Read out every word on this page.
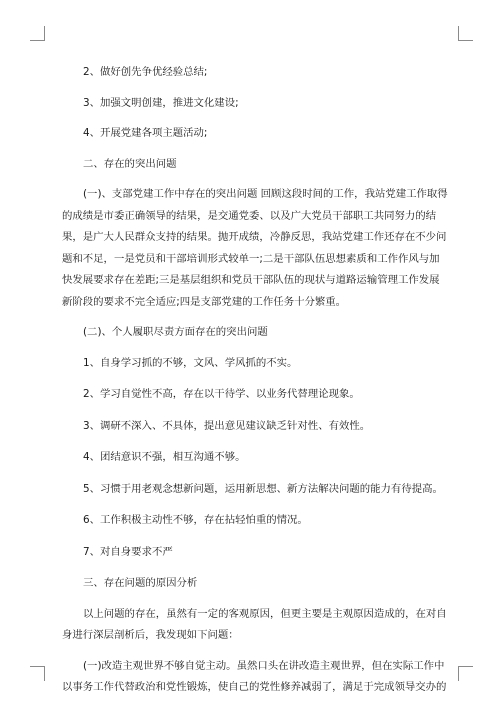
2、做好创先争优经验总结;

3、加强文明创建，推进文化建设;

4、开展党建各项主题活动;

二、存在的突出问题

(一)、支部党建工作中存在的突出问题 回顾这段时间的工作，我站党建工作取得的成绩是市委正确领导的结果，是交通党委、以及广大党员干部职工共同努力的结果，是广大人民群众支持的结果。抛开成绩，冷静反思，我站党建工作还存在不少问题和不足，一是党员和干部培训形式较单一;二是干部队伍思想素质和工作作风与加快发展要求存在差距;三是基层组织和党员干部队伍的现状与道路运输管理工作发展新阶段的要求不完全适应;四是支部党建的工作任务十分繁重。

(二)、个人履职尽责方面存在的突出问题

1、自身学习抓的不够，文风、学风抓的不实。

2、学习自觉性不高，存在以干待学、以业务代替理论现象。

3、调研不深入、不具体，提出意见建议缺乏针对性、有效性。

4、团结意识不强，相互沟通不够。

5、习惯于用老观念想新问题，运用新思想、新方法解决问题的能力有待提高。

6、工作积极主动性不够，存在拈轻怕重的情况。

7、对自身要求不严

三、存在问题的原因分析

以上问题的存在，虽然有一定的客观原因，但更主要是主观原因造成的，在对自身进行深层剖析后，我发现如下问题：

(一)改造主观世界不够自觉主动。虽然口头在讲改造主观世界，但在实际工作中以事务工作代替政治和党性锻炼，使自己的党性修养减弱了，满足于完成领导交办的
